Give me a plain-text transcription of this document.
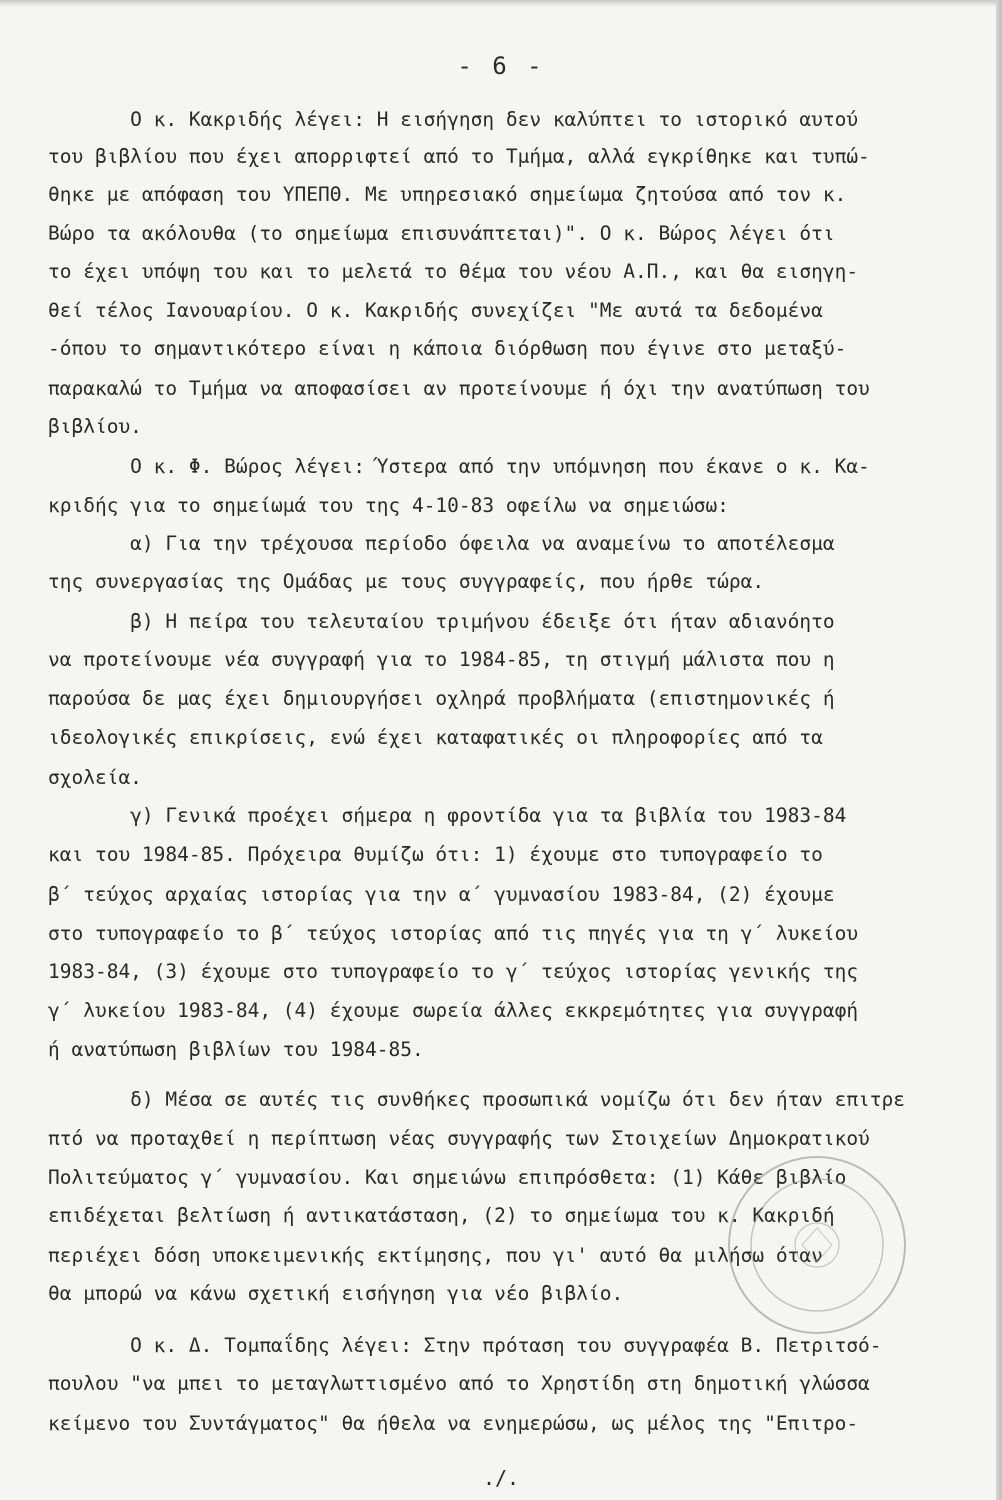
- 6 -
Ο κ. Κακριδής λέγει: Η εισήγηση δεν καλύπτει το ιστορικό αυτού
του βιβλίου που έχει απορριφτεί από το Τμήμα, αλλά εγκρίθηκε και τυπώ-
θηκε με απόφαση του ΥΠΕΠΘ. Με υπηρεσιακό σημείωμα ζητούσα από τον κ.
Βώρο τα ακόλουθα (το σημείωμα επισυνάπτεται)". Ο κ. Βώρος λέγει ότι
το έχει υπόψη του και το μελετά το θέμα του νέου Α.Π., και θα εισηγη-
θεί τέλος Ιανουαρίου. Ο κ. Κακριδής συνεχίζει "Με αυτά τα δεδομένα
-όπου το σημαντικότερο είναι η κάποια διόρθωση που έγινε στο μεταξύ-
παρακαλώ το Τμήμα να αποφασίσει αν προτείνουμε ή όχι την ανατύπωση του
βιβλίου.
Ο κ. Φ. Βώρος λέγει: Ύστερα από την υπόμνηση που έκανε ο κ. Κα-
κριδής για το σημείωμά του της 4-10-83 οφείλω να σημειώσω:
α) Για την τρέχουσα περίοδο όφειλα να αναμείνω το αποτέλεσμα
της συνεργασίας της Ομάδας με τους συγγραφείς, που ήρθε τώρα.
β) Η πείρα του τελευταίου τριμήνου έδειξε ότι ήταν αδιανόητο
να προτείνουμε νέα συγγραφή για το 1984-85, τη στιγμή μάλιστα που η
παρούσα δε μας έχει δημιουργήσει οχληρά προβλήματα (επιστημονικές ή
ιδεολογικές επικρίσεις, ενώ έχει καταφατικές οι πληροφορίες από τα
σχολεία.
γ) Γενικά προέχει σήμερα η φροντίδα για τα βιβλία του 1983-84
και του 1984-85. Πρόχειρα θυμίζω ότι: 1) έχουμε στο τυπογραφείο το
β΄ τεύχος αρχαίας ιστορίας για την α΄ γυμνασίου 1983-84, (2) έχουμε
στο τυπογραφείο το β΄ τεύχος ιστορίας από τις πηγές για τη γ΄ λυκείου
1983-84, (3) έχουμε στο τυπογραφείο το γ΄ τεύχος ιστορίας γενικής της
γ΄ λυκείου 1983-84, (4) έχουμε σωρεία άλλες εκκρεμότητες για συγγραφή
ή ανατύπωση βιβλίων του 1984-85.
δ) Μέσα σε αυτές τις συνθήκες προσωπικά νομίζω ότι δεν ήταν επιτρε
πτό να προταχθεί η περίπτωση νέας συγγραφής των Στοιχείων Δημοκρατικού
Πολιτεύματος γ΄ γυμνασίου. Και σημειώνω επιπρόσθετα: (1) Κάθε βιβλίο
επιδέχεται βελτίωση ή αντικατάσταση, (2) το σημείωμα του κ. Κακριδή
περιέχει δόση υποκειμενικής εκτίμησης, που γι' αυτό θα μιλήσω όταν
θα μπορώ να κάνω σχετική εισήγηση για νέο βιβλίο.
Ο κ. Δ. Τομπαΐδης λέγει: Στην πρόταση του συγγραφέα Β. Πετριτσό-
πουλου "να μπει το μεταγλωττισμένο από το Χρηστίδη στη δημοτική γλώσσα
κείμενο του Συντάγματος" θα ήθελα να ενημερώσω, ως μέλος της "Επιτρο-
./.
